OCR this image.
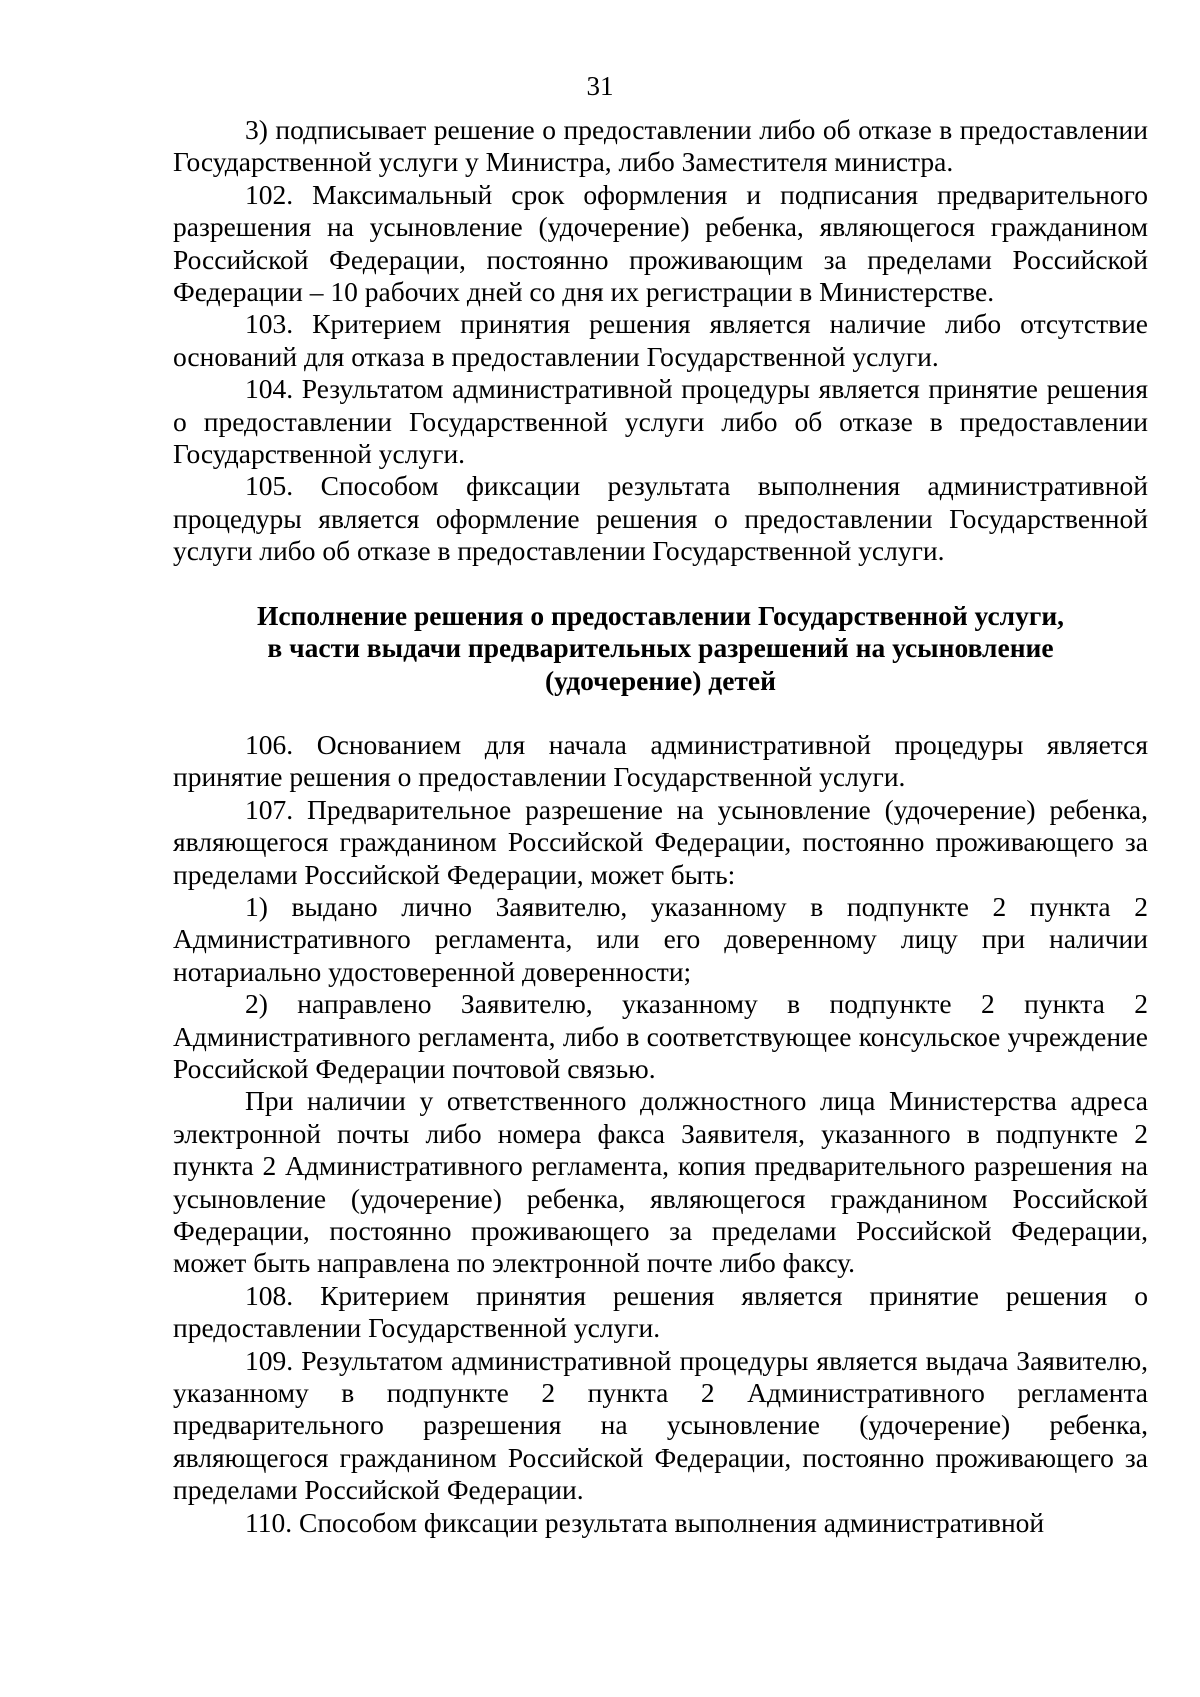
31

3) подписывает решение о предоставлении либо об отказе в предоставлении Государственной услуги у Министра, либо Заместителя министра.

102. Максимальный срок оформления и подписания предварительного разрешения на усыновление (удочерение) ребенка, являющегося гражданином Российской Федерации, постоянно проживающим за пределами Российской Федерации – 10 рабочих дней со дня их регистрации в Министерстве.

103. Критерием принятия решения является наличие либо отсутствие оснований для отказа в предоставлении Государственной услуги.

104. Результатом административной процедуры является принятие решения о предоставлении Государственной услуги либо об отказе в предоставлении Государственной услуги.

105. Способом фиксации результата выполнения административной процедуры является оформление решения о предоставлении Государственной услуги либо об отказе в предоставлении Государственной услуги.

Исполнение решения о предоставлении Государственной услуги,
в части выдачи предварительных разрешений на усыновление
(удочерение) детей

106. Основанием для начала административной процедуры является принятие решения о предоставлении Государственной услуги.

107. Предварительное разрешение на усыновление (удочерение) ребенка, являющегося гражданином Российской Федерации, постоянно проживающего за пределами Российской Федерации, может быть:

1) выдано лично Заявителю, указанному в подпункте 2 пункта 2 Административного регламента, или его доверенному лицу при наличии нотариально удостоверенной доверенности;

2) направлено Заявителю, указанному в подпункте 2 пункта 2 Административного регламента, либо в соответствующее консульское учреждение Российской Федерации почтовой связью.

При наличии у ответственного должностного лица Министерства адреса электронной почты либо номера факса Заявителя, указанного в подпункте 2 пункта 2 Административного регламента, копия предварительного разрешения на усыновление (удочерение) ребенка, являющегося гражданином Российской Федерации, постоянно проживающего за пределами Российской Федерации, может быть направлена по электронной почте либо факсу.

108. Критерием принятия решения является принятие решения о предоставлении Государственной услуги.

109. Результатом административной процедуры является выдача Заявителю, указанному в подпункте 2 пункта 2 Административного регламента предварительного разрешения на усыновление (удочерение) ребенка, являющегося гражданином Российской Федерации, постоянно проживающего за пределами Российской Федерации.

110. Способом фиксации результата выполнения административной
